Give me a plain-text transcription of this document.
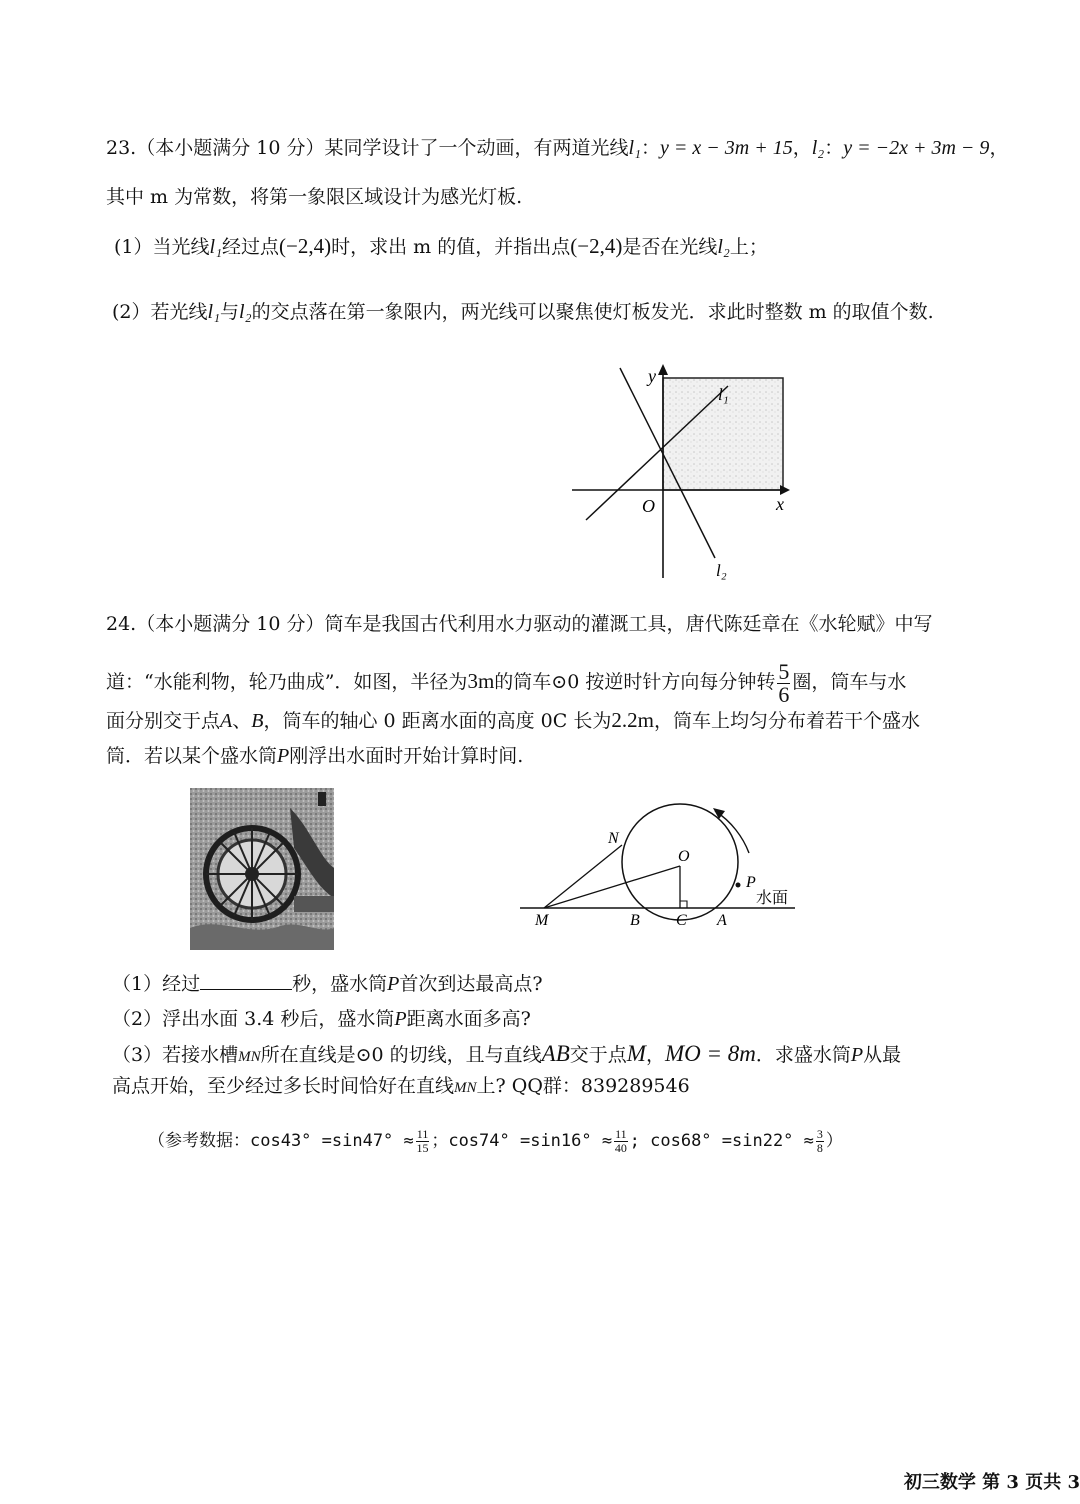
23.（本小题满分 10 分）某同学设计了一个动画，有两道光线l₁：y = x − 3m + 15，l₂：y = −2x + 3m − 9，
其中 m 为常数，将第一象限区域设计为感光灯板.
(1）当光线l₁经过点(−2,4)时，求出 m 的值，并指出点(−2,4)是否在光线l₂上；
(2）若光线l₁与l₂的交点落在第一象限内，两光线可以聚焦使灯板发光．求此时整数 m 的取值个数.
y
x
O
l₁
l₂
24.（本小题满分 10 分）筒车是我国古代利用水力驱动的灌溉工具，唐代陈廷章在《水轮赋》中写
道：“水能利物，轮乃曲成”．如图，半径为3m的筒车⊙0 按逆时针方向每分钟转 $\frac{5}{6}$ 圈，筒车与水
面分别交于点A、B，筒车的轴心 0 距离水面的高度 0C 长为2.2m，筒车上均匀分布着若干个盛水
筒．若以某个盛水筒P刚浮出水面时开始计算时间.
N
O
P
水面
M	B C A
（1）经过	秒，盛水筒P首次到达最高点?
（2）浮出水面 3.4 秒后，盛水筒P距离水面多高?
（3）若接水槽MN所在直线是⊙0 的切线，且与直线AB交于点M，MO = 8m．求盛水筒P从最
高点开始，至少经过多长时间恰好在直线MN上? QQ群：839289546
（参考数据：$\cos 43^\circ =\sin 47^\circ \approx \frac{11}{15}$ ；$\cos 74^\circ =\sin 16^\circ \approx \frac{11}{40}$ ; $\cos 68^\circ =\sin 22^\circ \approx \frac{3}{8}$ ）
初三数学 第 3 页共 3
